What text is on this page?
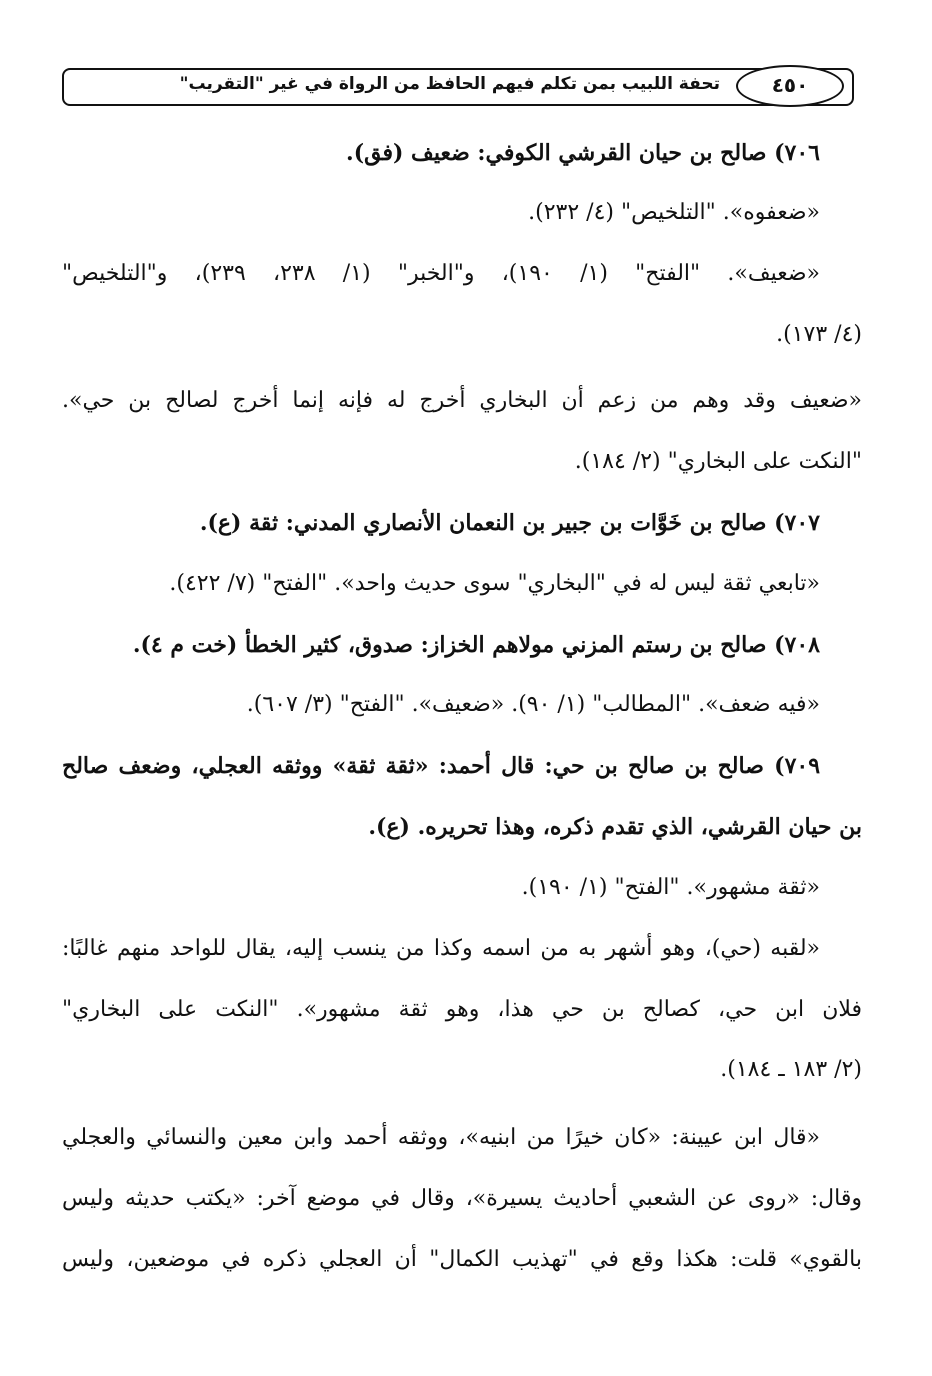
٤٥٠
تحفة اللبيب بمن تكلم فيهم الحافظ من الرواة في غير "التقريب"
٧٠٦) صالح بن حيان القرشي الكوفي: ضعيف (فق).
«ضعفوه». "التلخيص" (٤/ ٢٣٢).
«ضعيف». "الفتح" (١/ ١٩٠)، و"الخبر" (١/ ٢٣٨، ٢٣٩)، و"التلخيص"
(٤/ ١٧٣).
«ضعيف وقد وهم من زعم أن البخاري أخرج له فإنه إنما أخرج لصالح بن حي».
"النكت على البخاري" (٢/ ١٨٤).
٧٠٧) صالح بن خَوَّات بن جبير بن النعمان الأنصاري المدني: ثقة (ع).
«تابعي ثقة ليس له في "البخاري" سوى حديث واحد». "الفتح" (٧/ ٤٢٢).
٧٠٨) صالح بن رستم المزني مولاهم الخزاز: صدوق، كثير الخطأ (خت م ٤).
«فيه ضعف». "المطالب" (١/ ٩٠). «ضعيف». "الفتح" (٣/ ٦٠٧).
٧٠٩) صالح بن صالح بن حي: قال أحمد: «ثقة ثقة» ووثقه العجلي، وضعف صالح
بن حيان القرشي، الذي تقدم ذكره، وهذا تحريره. (ع).
«ثقة مشهور». "الفتح" (١/ ١٩٠).
«لقبه (حي)، وهو أشهر به من اسمه وكذا من ينسب إليه، يقال للواحد منهم غالبًا:
فلان ابن حي، كصالح بن حي هذا، وهو ثقة مشهور». "النكت على البخاري"
(٢/ ١٨٣ ـ ١٨٤).
«قال ابن عيينة: «كان خيرًا من ابنيه»، ووثقه أحمد وابن معين والنسائي والعجلي
وقال: «روى عن الشعبي أحاديث يسيرة»، وقال في موضع آخر: «يكتب حديثه وليس
بالقوي» قلت: هكذا وقع في "تهذيب الكمال" أن العجلي ذكره في موضعين، وليس
